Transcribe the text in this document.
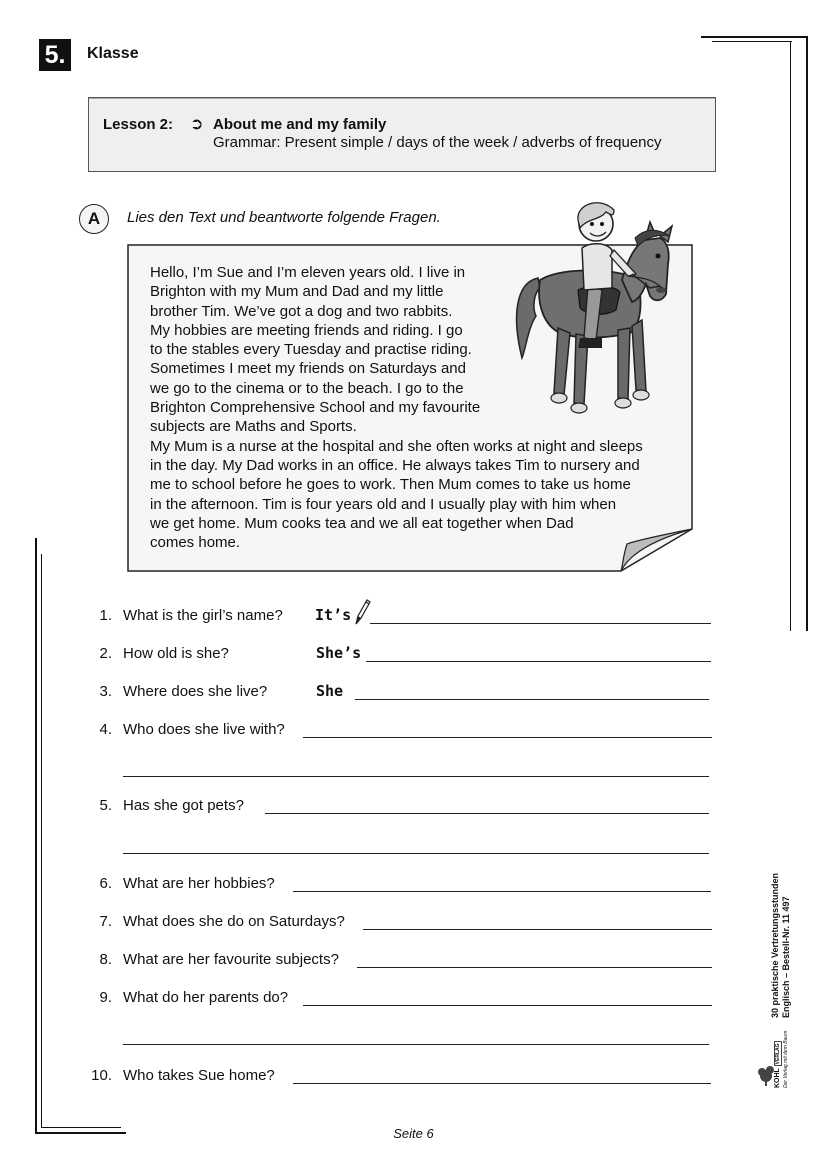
5.	Klasse
Lesson 2: ➲ About me and my family
Grammar: Present simple / days of the week / adverbs of frequency
A	Lies den Text und beantworte folgende Fragen.
Hello, I’m Sue and I’m eleven years old. I live in
Brighton with my Mum and Dad and my little
brother Tim. We’ve got a dog and two rabbits.
My hobbies are meeting friends and riding. I go
to the stables every Tuesday and practise riding.
Sometimes I meet my friends on Saturdays and
we go to the cinema or to the beach. I go to the
Brighton Comprehensive School and my favourite
subjects are Maths and Sports.
My Mum is a nurse at the hospital and she often works at night and sleeps
in the day. My Dad works in an office. He always takes Tim to nursery and
me to school before he goes to work. Then Mum comes to take us home
in the afternoon. Tim is four years old and I usually play with him when
we get home. Mum cooks tea and we all eat together when Dad
comes home.
1. What is the girl’s name? It’s
2. How old is she?	She’s
3. Where does she live?	She
4. Who does she live with?
5. Has she got pets?
6. What are her hobbies?
7. What does she do on Saturdays?
8. What are her favourite subjects?
9. What do her parents do?
10. Who takes Sue home?
30 praktische Vertretungsstunden Englisch – Bestell-Nr. 11 497
KOHL VERLAG Der Verlag mit dem Baum
Seite 6
